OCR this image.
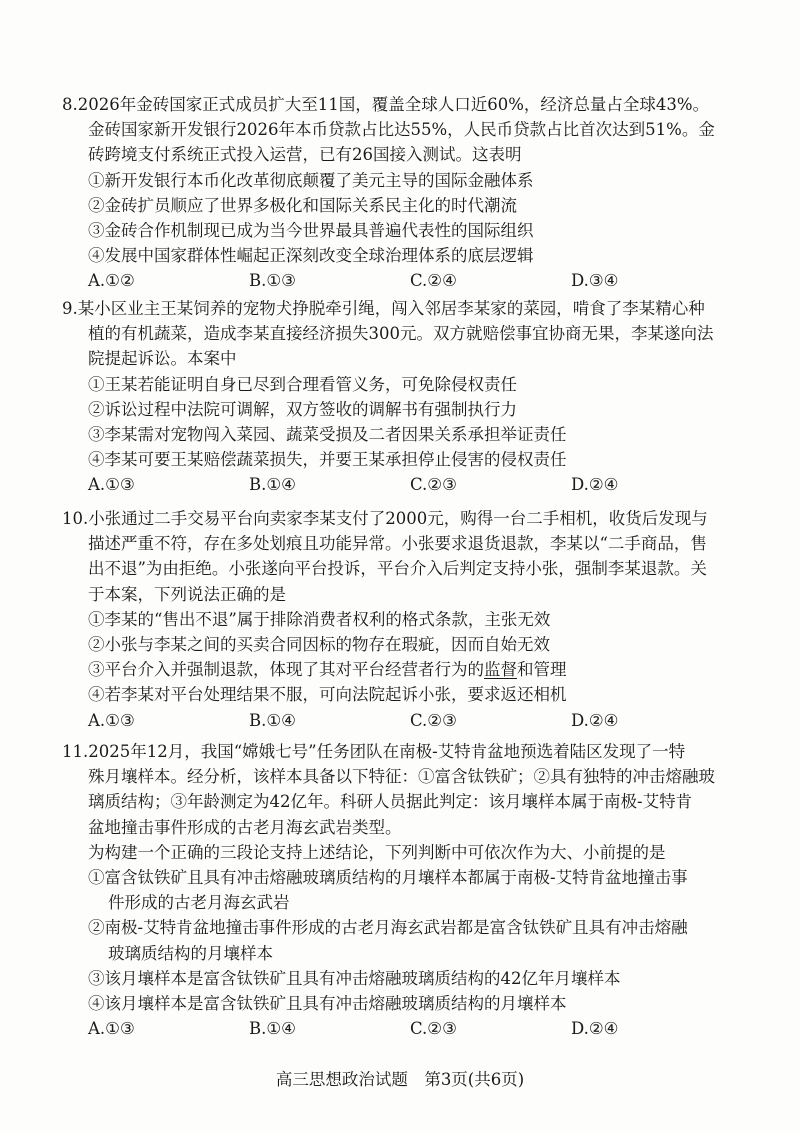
8.2026年金砖国家正式成员扩大至11国，覆盖全球人口近60%，经济总量占全球43%。
金砖国家新开发银行2026年本币贷款占比达55%，人民币贷款占比首次达到51%。金
砖跨境支付系统正式投入运营，已有26国接入测试。这表明
①新开发银行本币化改革彻底颠覆了美元主导的国际金融体系
②金砖扩员顺应了世界多极化和国际关系民主化的时代潮流
③金砖合作机制现已成为当今世界最具普遍代表性的国际组织
④发展中国家群体性崛起正深刻改变全球治理体系的底层逻辑
A.①②	B.①③	C.②④	D.③④
9.某小区业主王某饲养的宠物犬挣脱牵引绳，闯入邻居李某家的菜园，啃食了李某精心种
植的有机蔬菜，造成李某直接经济损失300元。双方就赔偿事宜协商无果，李某遂向法
院提起诉讼。本案中
①王某若能证明自身已尽到合理看管义务，可免除侵权责任
②诉讼过程中法院可调解，双方签收的调解书有强制执行力
③李某需对宠物闯入菜园、蔬菜受损及二者因果关系承担举证责任
④李某可要王某赔偿蔬菜损失，并要王某承担停止侵害的侵权责任
A.①③	B.①④	C.②③	D.②④
10.小张通过二手交易平台向卖家李某支付了2000元，购得一台二手相机，收货后发现与
描述严重不符，存在多处划痕且功能异常。小张要求退货退款，李某以“二手商品，售
出不退”为由拒绝。小张遂向平台投诉，平台介入后判定支持小张，强制李某退款。关
于本案，下列说法正确的是
①李某的“售出不退”属于排除消费者权利的格式条款，主张无效
②小张与李某之间的买卖合同因标的物存在瑕疵，因而自始无效
③平台介入并强制退款，体现了其对平台经营者行为的监督和管理
④若李某对平台处理结果不服，可向法院起诉小张，要求返还相机
A.①③	B.①④	C.②③	D.②④
11.2025年12月，我国“嫦娥七号”任务团队在南极-艾特肯盆地预选着陆区发现了一特
殊月壤样本。经分析，该样本具备以下特征：①富含钛铁矿；②具有独特的冲击熔融玻
璃质结构；③年龄测定为42亿年。科研人员据此判定：该月壤样本属于南极-艾特肯
盆地撞击事件形成的古老月海玄武岩类型。
为构建一个正确的三段论支持上述结论，下列判断中可依次作为大、小前提的是
①富含钛铁矿且具有冲击熔融玻璃质结构的月壤样本都属于南极-艾特肯盆地撞击事
件形成的古老月海玄武岩
②南极-艾特肯盆地撞击事件形成的古老月海玄武岩都是富含钛铁矿且具有冲击熔融
玻璃质结构的月壤样本
③该月壤样本是富含钛铁矿且具有冲击熔融玻璃质结构的42亿年月壤样本
④该月壤样本是富含钛铁矿且具有冲击熔融玻璃质结构的月壤样本
A.①③	B.①④	C.②③	D.②④
高三思想政治试题　第3页(共6页)
